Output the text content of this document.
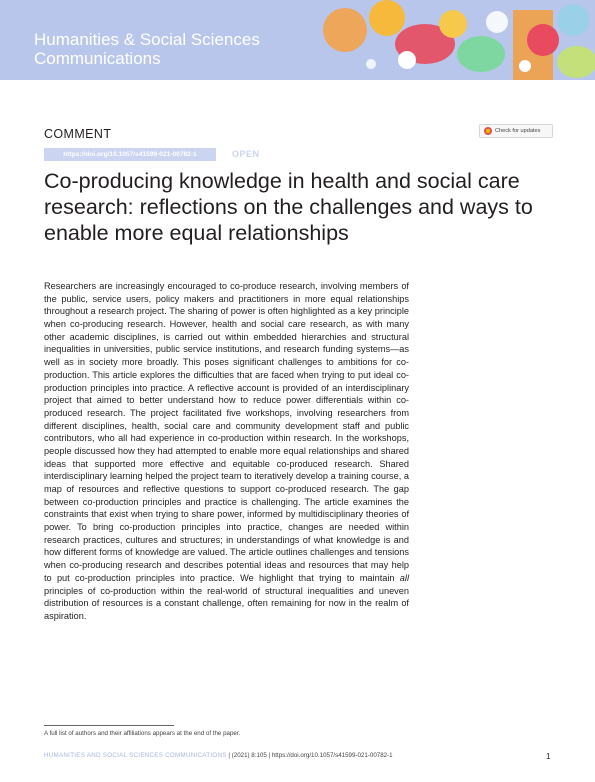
Humanities & Social Sciences
Communications
COMMENT	Check for updates
https://doi.org/10.1057/s41599-021-00782-1	OPEN
Co-producing knowledge in health and social care research: reflections on the challenges and ways to enable more equal relationships

Researchers are increasingly encouraged to co-produce research, involving members of the public, service users, policy makers and practitioners in more equal relationships throughout a research project. The sharing of power is often highlighted as a key principle when co-producing research. However, health and social care research, as with many other academic disciplines, is carried out within embedded hierarchies and structural inequalities in universities, public service institutions, and research funding systems—as well as in society more broadly. This poses significant challenges to ambitions for co-production. This article explores the difficulties that are faced when trying to put ideal co-production principles into practice. A reflective account is provided of an interdisciplinary project that aimed to better understand how to reduce power differentials within co-produced research. The project facilitated five workshops, involving researchers from different disciplines, health, social care and community development staff and public contributors, who all had experience in co-production within research. In the workshops, people discussed how they had attempted to enable more equal relationships and shared ideas that supported more effective and equitable co-produced research. Shared interdisciplinary learning helped the project team to iteratively develop a training course, a map of resources and reflective questions to support co-produced research. The gap between co-production principles and practice is challenging. The article examines the constraints that exist when trying to share power, informed by multidisciplinary theories of power. To bring co-production principles into practice, changes are needed within research practices, cultures and structures; in understandings of what knowledge is and how different forms of knowledge are valued. The article outlines challenges and tensions when co-producing research and describes potential ideas and resources that may help to put co-production principles into practice. We highlight that trying to maintain all principles of co-production within the real-world of structural inequalities and uneven distribution of resources is a constant challenge, often remaining for now in the realm of aspiration.

A full list of authors and their affiliations appears at the end of the paper.
HUMANITIES AND SOCIAL SCIENCES COMMUNICATIONS | (2021) 8:105 | https://doi.org/10.1057/s41599-021-00782-1	1
